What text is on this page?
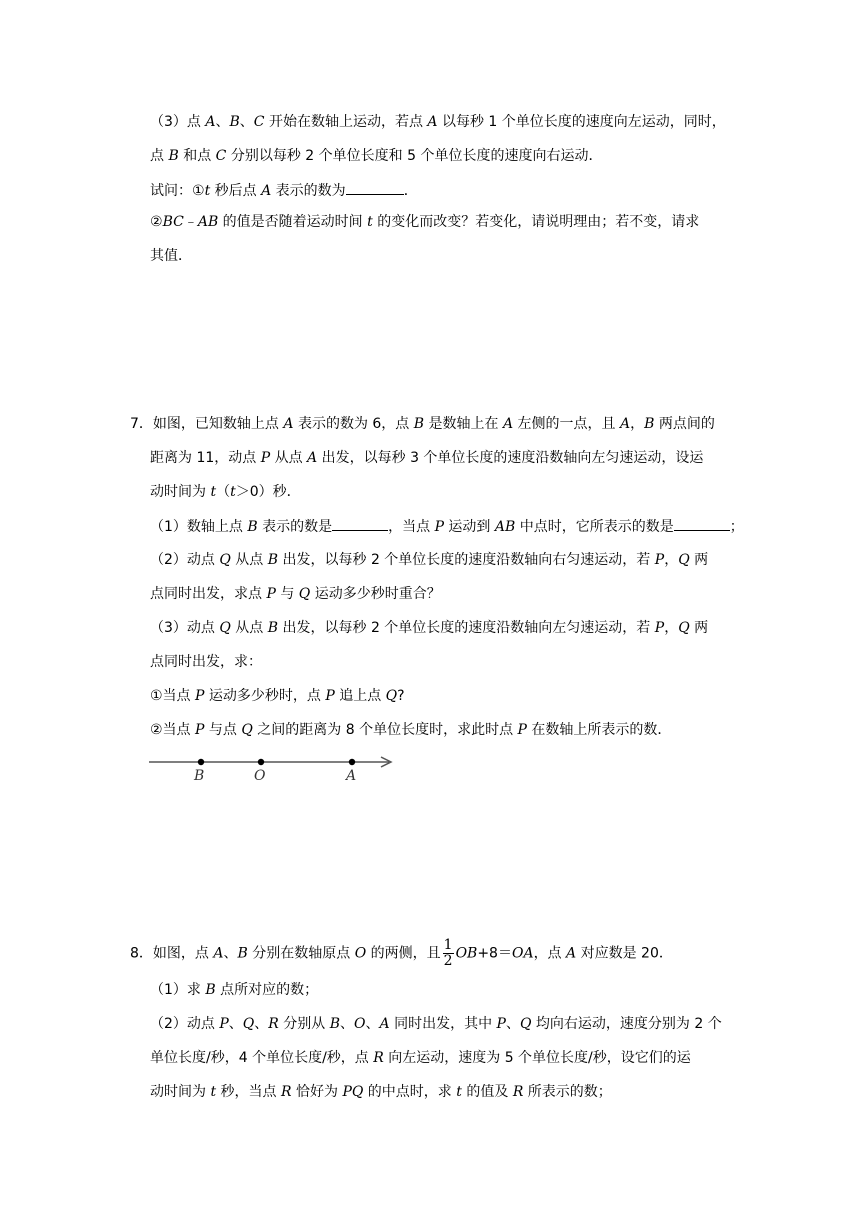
（3）点 A、B、C 开始在数轴上运动，若点 A 以每秒 1 个单位长度的速度向左运动，同时，
点 B 和点 C 分别以每秒 2 个单位长度和 5 个单位长度的速度向右运动．
试问：①t 秒后点 A 表示的数为	．
②BC﹣AB 的值是否随着运动时间 t 的变化而改变？若变化，请说明理由；若不变，请求
其值．
7．如图，已知数轴上点 A 表示的数为 6，点 B 是数轴上在 A 左侧的一点，且 A，B 两点间的
距离为 11，动点 P 从点 A 出发，以每秒 3 个单位长度的速度沿数轴向左匀速运动，设运
动时间为 t（t＞0）秒．
（1）数轴上点 B 表示的数是	，当点 P 运动到 AB 中点时，它所表示的数是	；
（2）动点 Q 从点 B 出发，以每秒 2 个单位长度的速度沿数轴向右匀速运动，若 P，Q 两
点同时出发，求点 P 与 Q 运动多少秒时重合？
（3）动点 Q 从点 B 出发，以每秒 2 个单位长度的速度沿数轴向左匀速运动，若 P，Q 两
点同时出发，求：
①当点 P 运动多少秒时，点 P 追上点 Q?
②当点 P 与点 Q 之间的距离为 8 个单位长度时，求此时点 P 在数轴上所表示的数．
B	O	A
8．如图，点 A、B 分别在数轴原点 O 的两侧，且 $\frac{1}{2} OB+8=OA$，点 A 对应数是 20．
（1）求 B 点所对应的数；
（2）动点 P、Q、R 分别从 B、O、A 同时出发，其中 P、Q 均向右运动，速度分别为 2 个
单位长度/秒，4 个单位长度/秒，点 R 向左运动，速度为 5 个单位长度/秒，设它们的运
动时间为 t 秒，当点 R 恰好为 PQ 的中点时，求 t 的值及 R 所表示的数；
